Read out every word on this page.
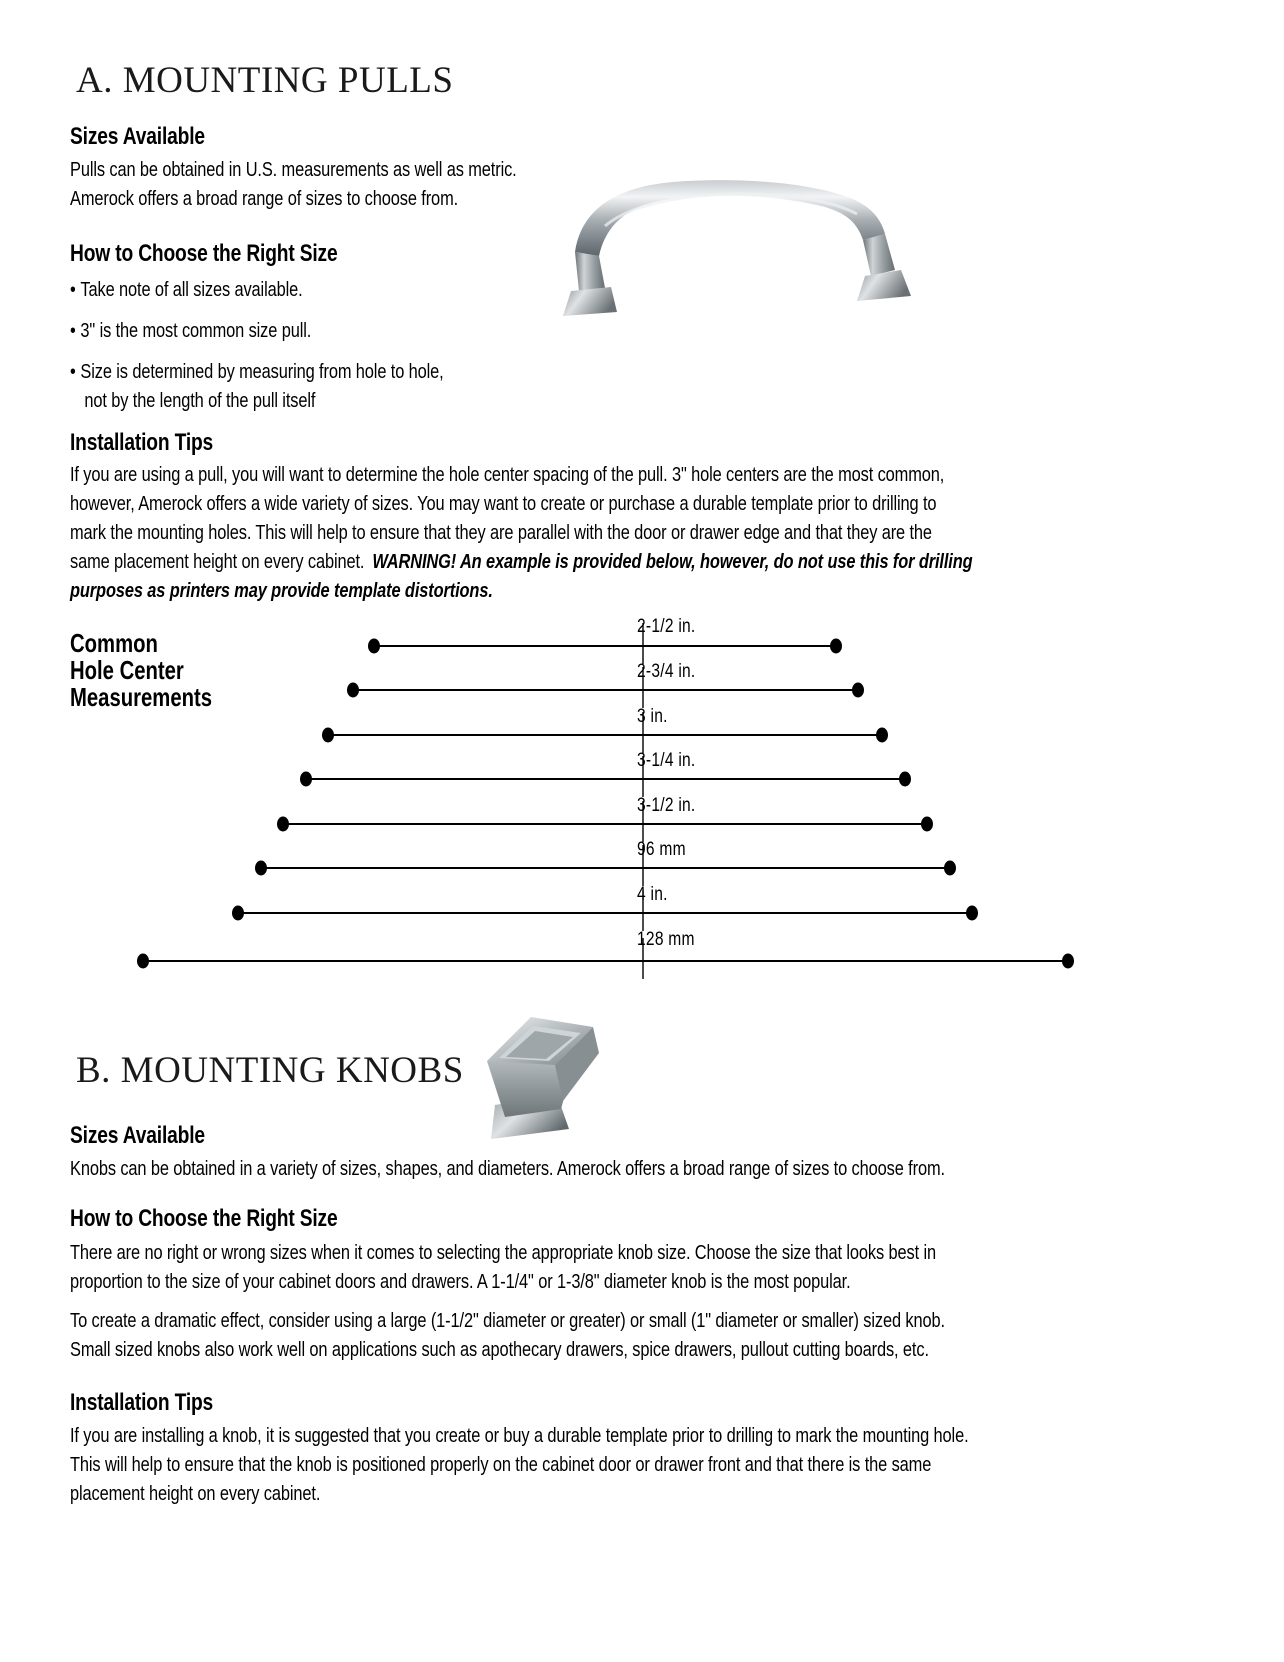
A. MOUNTING PULLS
Sizes Available
Pulls can be obtained in U.S. measurements as well as metric.
Amerock offers a broad range of sizes to choose from.
How to Choose the Right Size
• Take note of all sizes available.
• 3" is the most common size pull.
• Size is determined by measuring from hole to hole,
not by the length of the pull itself
Installation Tips
If you are using a pull, you will want to determine the hole center spacing of the pull. 3" hole centers are the most common,
however, Amerock offers a wide variety of sizes. You may want to create or purchase a durable template prior to drilling to
mark the mounting holes. This will help to ensure that they are parallel with the door or drawer edge and that they are the
same placement height on every cabinet. WARNING! An example is provided below, however, do not use this for drilling
purposes as printers may provide template distortions.
Common
Hole Center
Measurements
2-1/2 in.
2-3/4 in.
3 in.
3-1/4 in.
3-1/2 in.
96 mm
4 in.
128 mm
B. MOUNTING KNOBS
Sizes Available
Knobs can be obtained in a variety of sizes, shapes, and diameters. Amerock offers a broad range of sizes to choose from.
How to Choose the Right Size
There are no right or wrong sizes when it comes to selecting the appropriate knob size. Choose the size that looks best in
proportion to the size of your cabinet doors and drawers. A 1-1/4" or 1-3/8" diameter knob is the most popular.
To create a dramatic effect, consider using a large (1-1/2" diameter or greater) or small (1" diameter or smaller) sized knob.
Small sized knobs also work well on applications such as apothecary drawers, spice drawers, pullout cutting boards, etc.
Installation Tips
If you are installing a knob, it is suggested that you create or buy a durable template prior to drilling to mark the mounting hole.
This will help to ensure that the knob is positioned properly on the cabinet door or drawer front and that there is the same
placement height on every cabinet.
